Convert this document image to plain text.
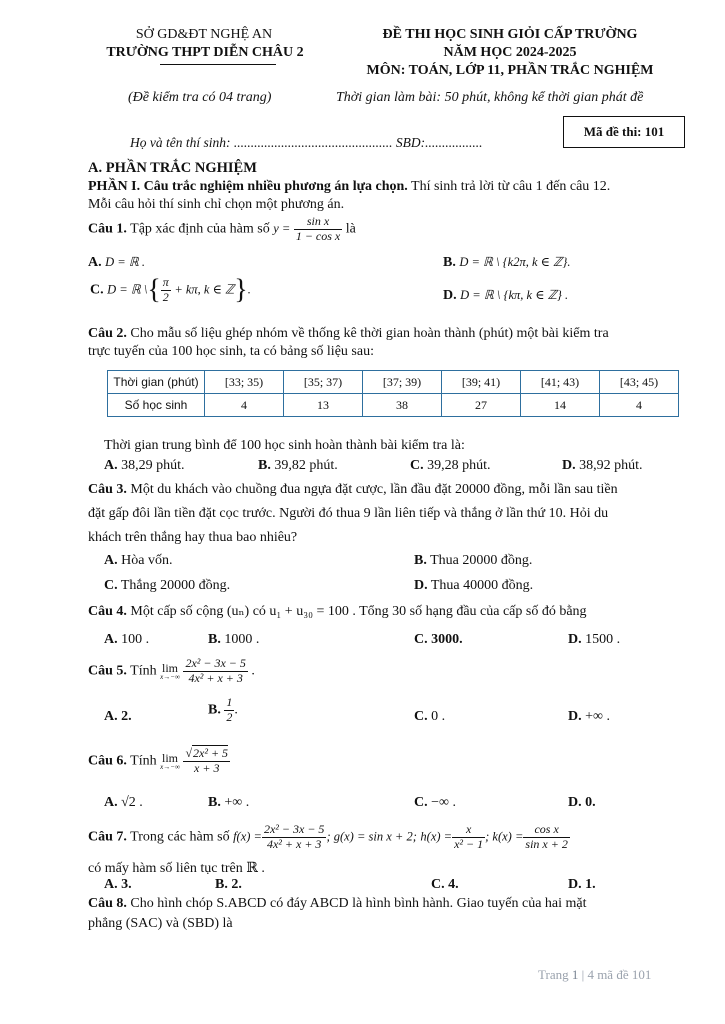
SỞ GD&ĐT NGHỆ AN
TRƯỜNG THPT DIỄN CHÂU 2
ĐỀ THI HỌC SINH GIỎI CẤP TRƯỜNG
NĂM HỌC 2024-2025
MÔN: TOÁN, LỚP 11, PHẦN TRẮC NGHIỆM
(Đề kiểm tra có 04 trang)	Thời gian làm bài: 50 phút, không kể thời gian phát đề
Họ và tên thí sinh: ............................................... SBD:.................
Mã đề thi: 101
A. PHẦN TRẮC NGHIỆM
PHẦN I. Câu trắc nghiệm nhiều phương án lựa chọn. Thí sinh trả lời từ câu 1 đến câu 12.
Mỗi câu hỏi thí sinh chỉ chọn một phương án.
Câu 1. Tập xác định của hàm số $y = \frac{\text{sin x}}{\text{1 − cos x}}$ là
A. D = ℝ .	B. D = ℝ \ {k2π, k ∈ ℤ}.
C. D = ℝ \{ $\frac{\pi}{2} + k\pi$, k ∈ ℤ}.	D. D = ℝ \ {kπ, k ∈ ℤ} .
Câu 2. Cho mẫu số liệu ghép nhóm về thống kê thời gian hoàn thành (phút) một bài kiểm tra
trực tuyến của 100 học sinh, ta có bảng số liệu sau:
Thời gian (phút)	[33; 35)	[35; 37)	[37; 39)	[39; 41)	[41; 43)	[43; 45)
Số học sinh	4	13	38	27	14	4
Thời gian trung bình để 100 học sinh hoàn thành bài kiểm tra là:
A. 38,29 phút.	B. 39,82 phút.	C. 39,28 phút.	D. 38,92 phút.
Câu 3. Một du khách vào chuồng đua ngựa đặt cược, lần đầu đặt 20000 đồng, mỗi lần sau tiền
đặt gấp đôi lần tiền đặt cọc trước. Người đó thua 9 lần liên tiếp và thắng ở lần thứ 10. Hỏi du
khách trên thắng hay thua bao nhiêu?
A. Hòa vốn.	B. Thua 20000 đồng.
C. Thắng 20000 đồng.	D. Thua 40000 đồng.
Câu 4. Một cấp số cộng (uₙ) có u₁ + u₃₀ = 100 . Tổng 30 số hạng đầu của cấp số đó bằng
A. 100 .	B. 1000 .	C. 3000.	D. 1500 .
Câu 5. Tính lim
x→−∞
$\frac{\text{2x² − 3x − 5}}{\text{4x² + x + 3}}$ .
A. 2.	B. $\frac{1}{2}$ .	C. 0 .	D. +∞ .
Câu 6. Tính lim
x→−∞
$\frac{\text{√2x² + 5}}{x + 3}$
A. √2 .	B. +∞ .	C. −∞ .	D. 0.
Câu 7. Trong các hàm số $f(x) = \frac{\text{2x² − 3x − 5}}{\text{4x² + x + 3}}$ ; g(x) = sin x + 2; $h(x) = \frac{x}{\text{x² − 1}}$ ; $k(x) = \frac{\text{cos x}}{\text{sin x + 2}}$
có mấy hàm số liên tục trên ℝ .
A. 3.	B. 2.	C. 4.	D. 1.
Câu 8. Cho hình chóp S.ABCD có đáy ABCD là hình bình hành. Giao tuyến của hai mặt
phẳng (SAC) và (SBD) là
Trang 1 | 4 mã đề 101
